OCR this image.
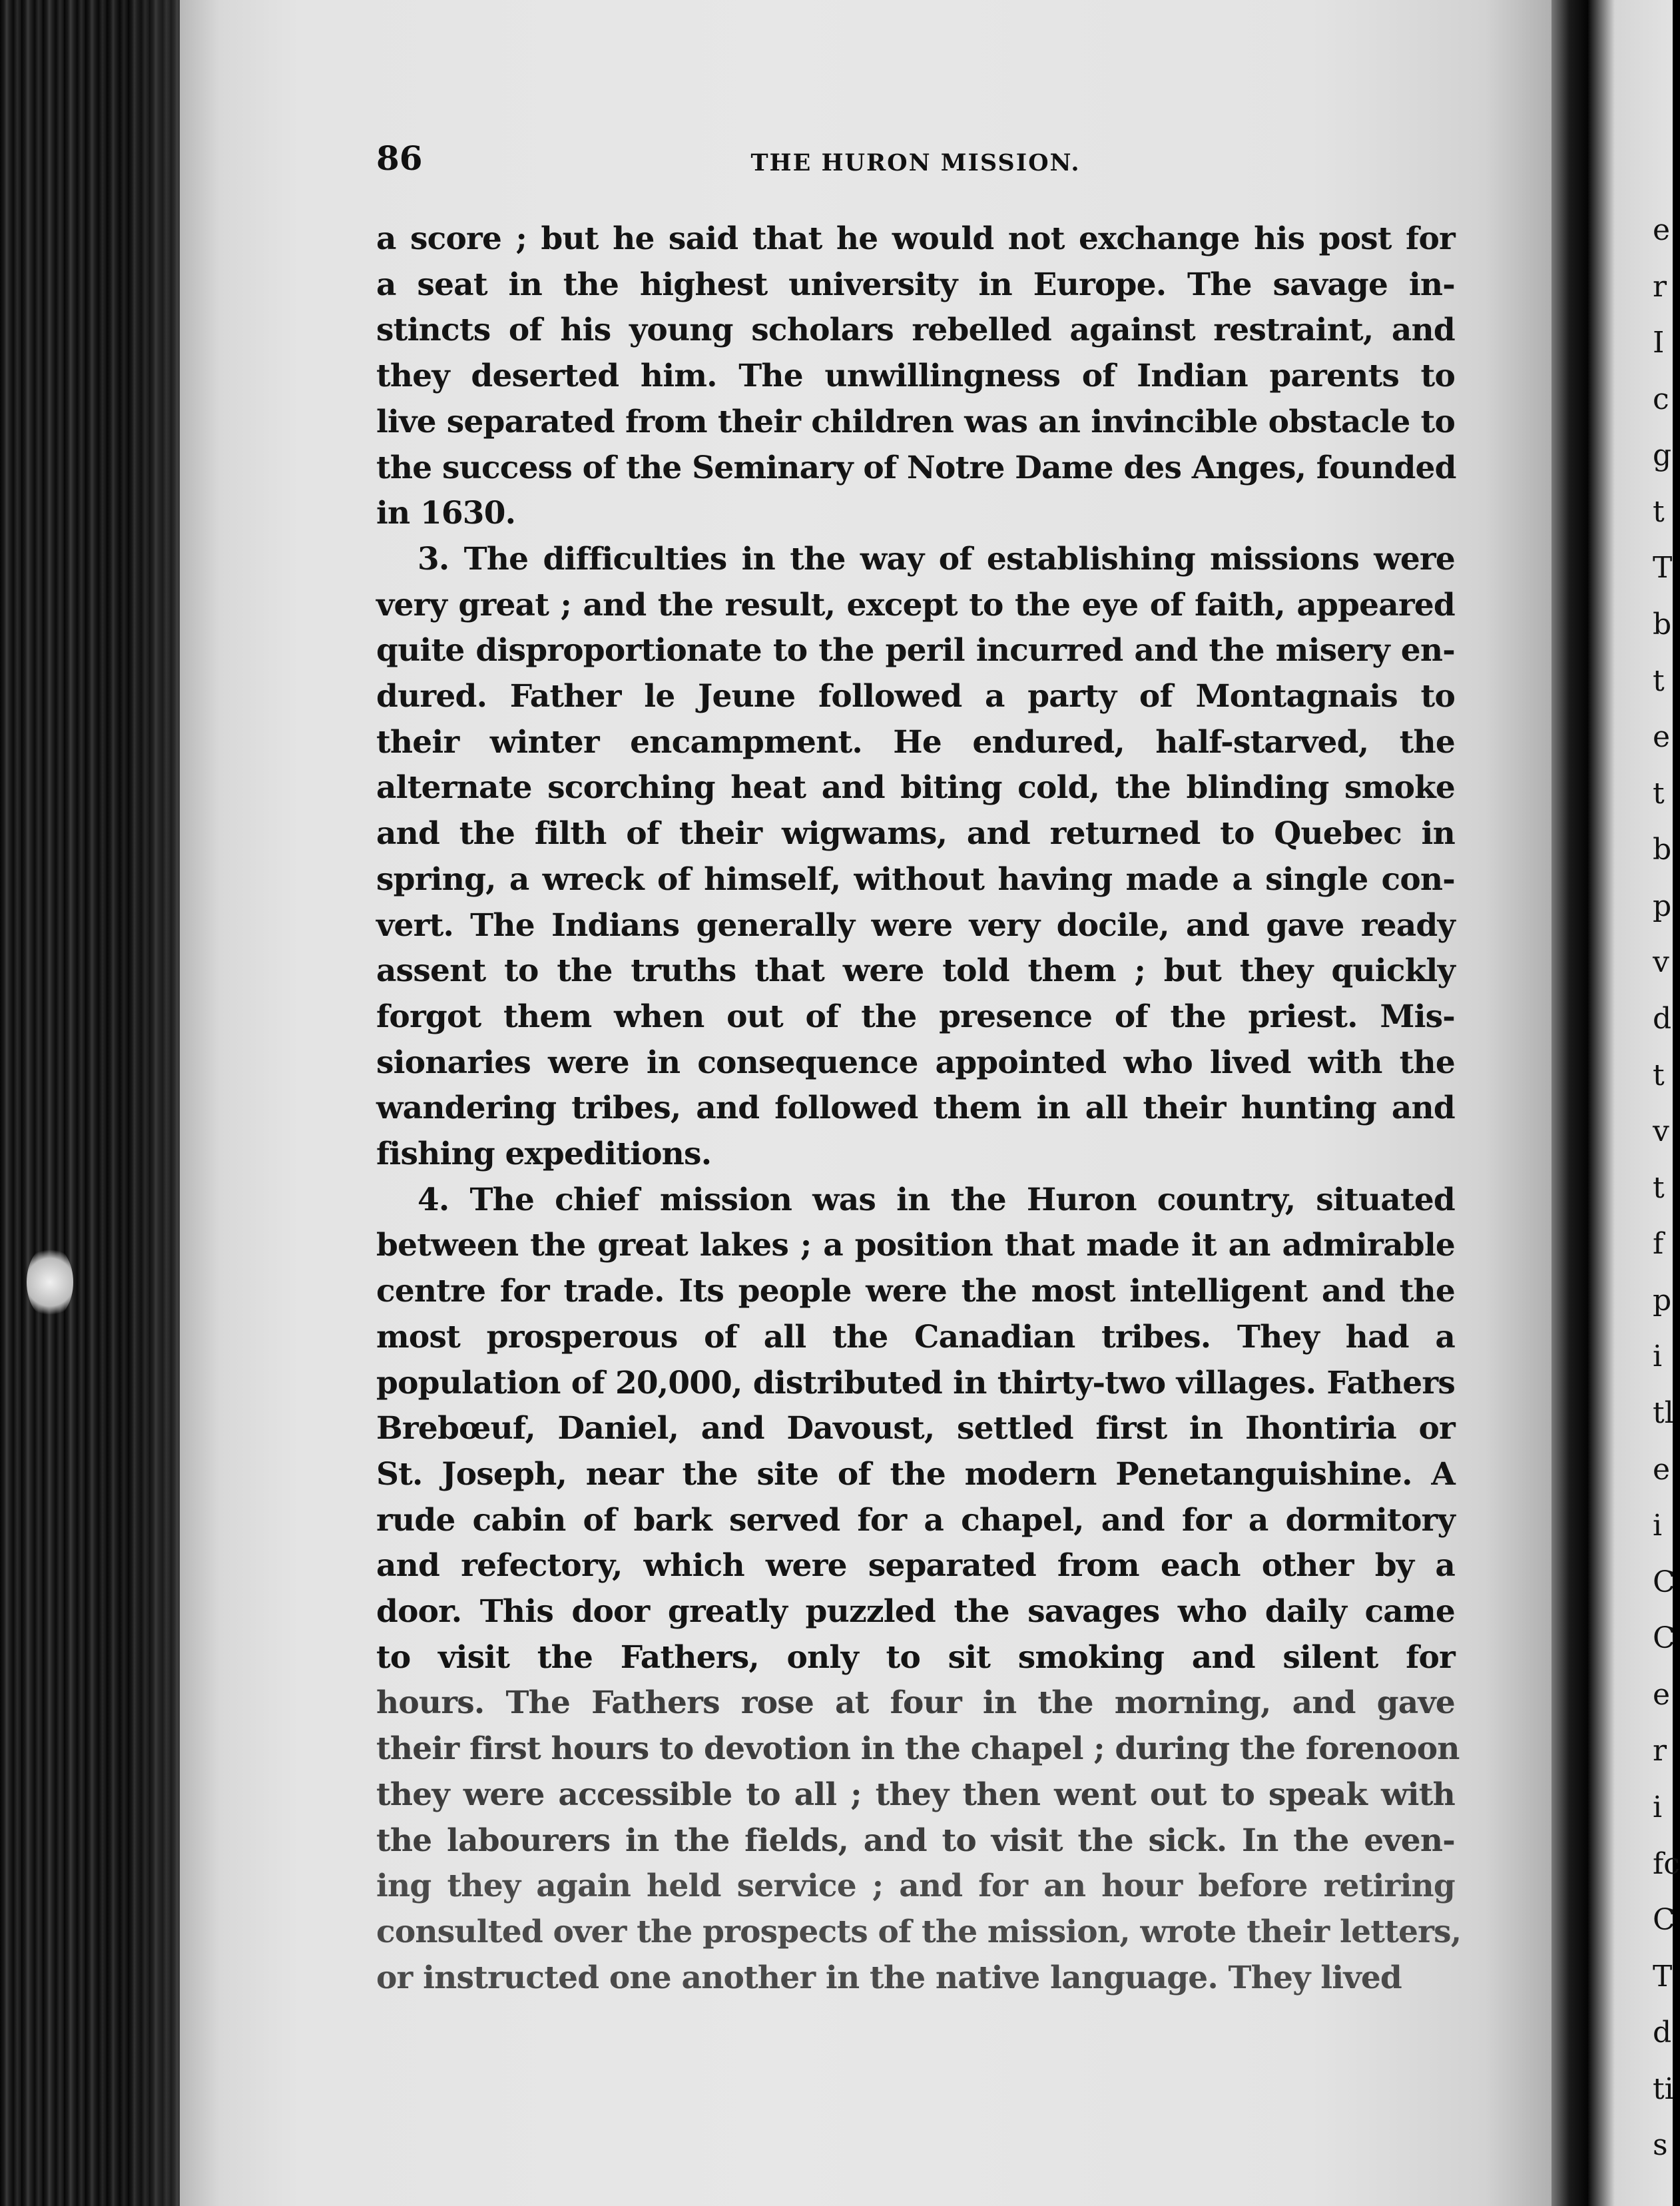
e
r
I
c
g
t
T
b
t
e
t
b
p
v
d
t
v
t
f
p
i
tl
e
i
C
C
e
r
i
fc
C
T
d
ti
s
86	THE HURON MISSION.
a score ; but he said that he would not exchange his post for
a seat in the highest university in Europe. The savage in-
stincts of his young scholars rebelled against restraint, and
they deserted him. The unwillingness of Indian parents to
live separated from their children was an invincible obstacle to
the success of the Seminary of Notre Dame des Anges, founded
in 1630.
3. The difficulties in the way of establishing missions were
very great ; and the result, except to the eye of faith, appeared
quite disproportionate to the peril incurred and the misery en-
dured. Father le Jeune followed a party of Montagnais to
their winter encampment. He endured, half-starved, the
alternate scorching heat and biting cold, the blinding smoke
and the filth of their wigwams, and returned to Quebec in
spring, a wreck of himself, without having made a single con-
vert. The Indians generally were very docile, and gave ready
assent to the truths that were told them ; but they quickly
forgot them when out of the presence of the priest. Mis-
sionaries were in consequence appointed who lived with the
wandering tribes, and followed them in all their hunting and
fishing expeditions.
4. The chief mission was in the Huron country, situated
between the great lakes ; a position that made it an admirable
centre for trade. Its people were the most intelligent and the
most prosperous of all the Canadian tribes. They had a
population of 20,000, distributed in thirty-two villages. Fathers
Brebœuf, Daniel, and Davoust, settled first in Ihontiria or
St. Joseph, near the site of the modern Penetanguishine. A
rude cabin of bark served for a chapel, and for a dormitory
and refectory, which were separated from each other by a
door. This door greatly puzzled the savages who daily came
to visit the Fathers, only to sit smoking and silent for
hours. The Fathers rose at four in the morning, and gave
their first hours to devotion in the chapel ; during the forenoon
they were accessible to all ; they then went out to speak with
the labourers in the fields, and to visit the sick. In the even-
ing they again held service ; and for an hour before retiring
consulted over the prospects of the mission, wrote their letters,
or instructed one another in the native language. They lived
